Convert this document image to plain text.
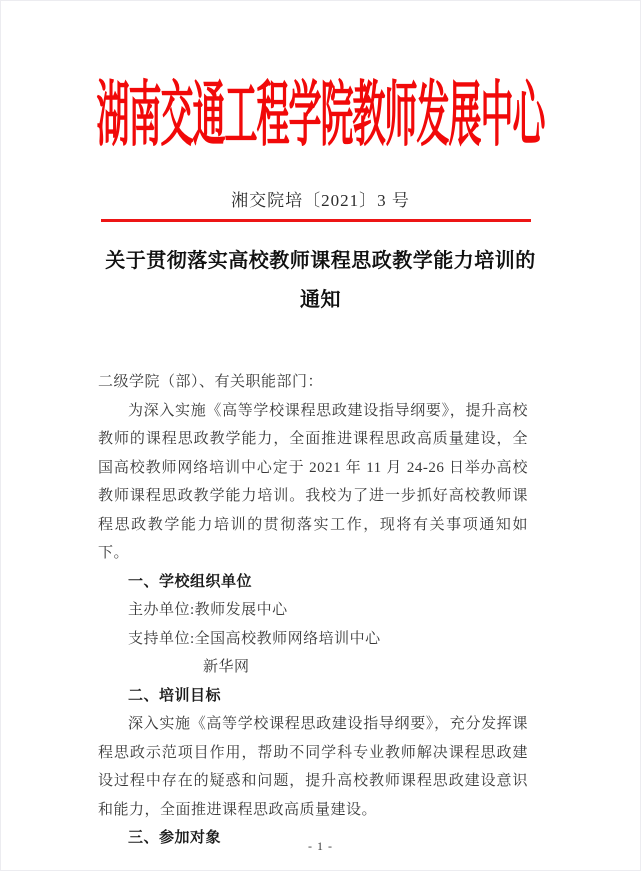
湖南交通工程学院教师发展中心
湘交院培〔2021〕3 号
关于贯彻落实高校教师课程思政教学能力培训的
通知

二级学院（部）、有关职能部门：

为深入实施《高等学校课程思政建设指导纲要》，提升高校教师的课程思政教学能力，全面推进课程思政高质量建设，全国高校教师网络培训中心定于 2021 年 11 月 24-26 日举办高校教师课程思政教学能力培训。我校为了进一步抓好高校教师课程思政教学能力培训的贯彻落实工作，现将有关事项通知如下。

一、学校组织单位

主办单位:教师发展中心

支持单位:全国高校教师网络培训中心

新华网

二、培训目标

深入实施《高等学校课程思政建设指导纲要》，充分发挥课程思政示范项目作用，帮助不同学科专业教师解决课程思政建设过程中存在的疑惑和问题，提升高校教师课程思政建设意识和能力，全面推进课程思政高质量建设。

三、参加对象	- 1 -
